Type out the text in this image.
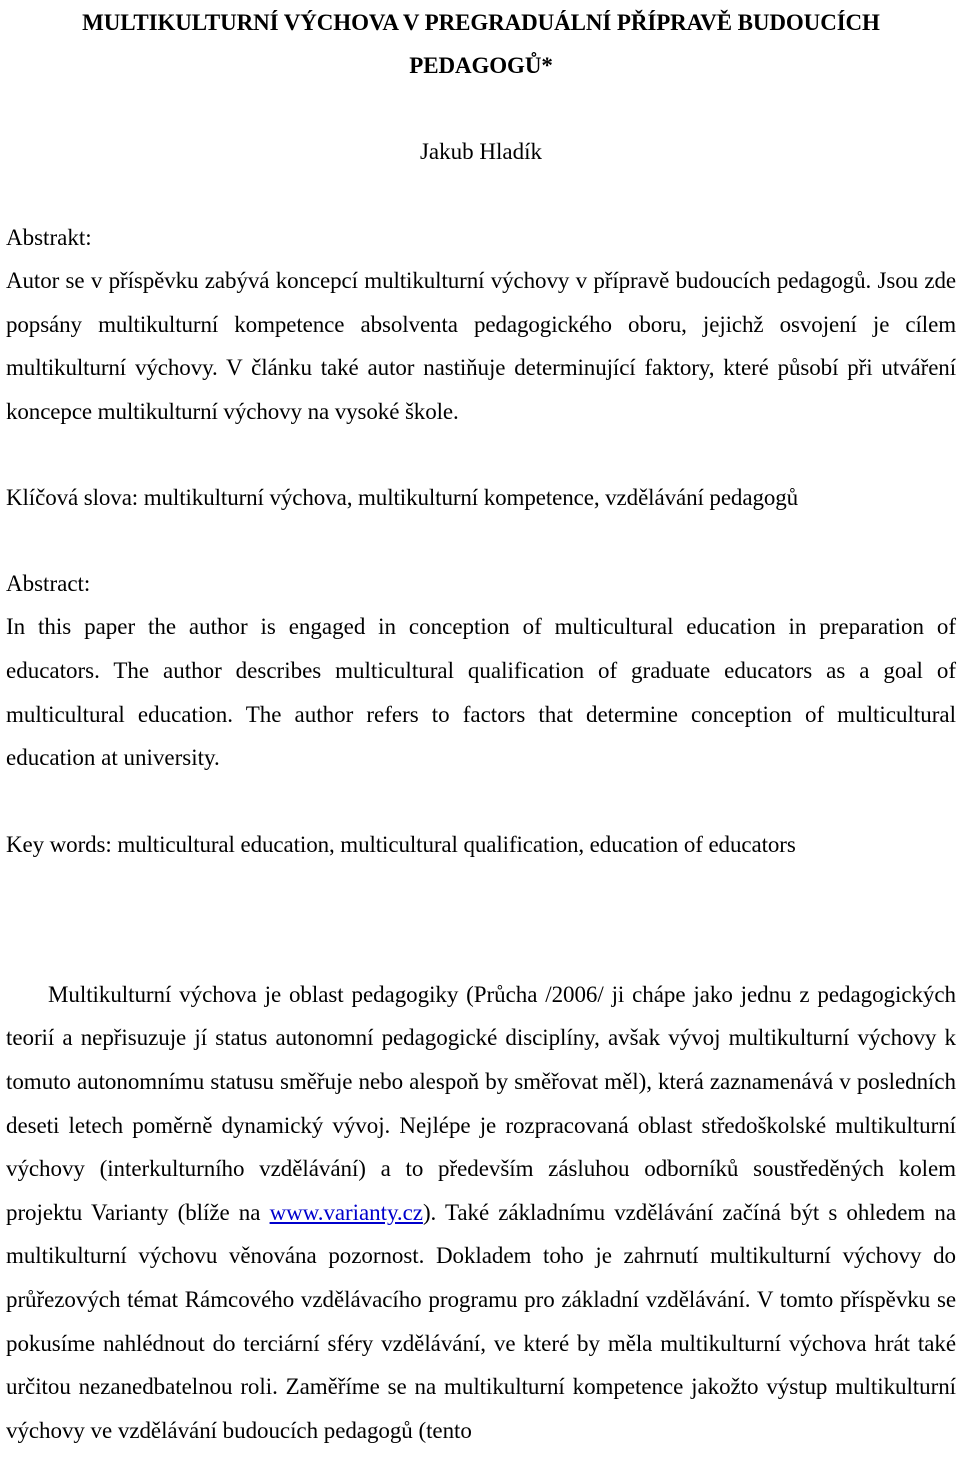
MULTIKULTURNÍ VÝCHOVA V PREGRADUÁLNÍ PŘÍPRAVĚ BUDOUCÍCH
PEDAGOGŮ*

Jakub Hladík

Abstrakt:

Autor se v příspěvku zabývá koncepcí multikulturní výchovy v přípravě budoucích pedagogů. Jsou zde popsány multikulturní kompetence absolventa pedagogického oboru, jejichž osvojení je cílem multikulturní výchovy. V článku také autor nastiňuje determinující faktory, které působí při utváření koncepce multikulturní výchovy na vysoké škole.

Klíčová slova: multikulturní výchova, multikulturní kompetence, vzdělávání pedagogů

Abstract:

In this paper the author is engaged in conception of multicultural education in preparation of educators. The author describes multicultural qualification of graduate educators as a goal of multicultural education. The author refers to factors that determine conception of multicultural education at university.

Key words: multicultural education, multicultural qualification, education of educators

Multikulturní výchova je oblast pedagogiky (Průcha /2006/ ji chápe jako jednu z pedagogických teorií a nepřisuzuje jí status autonomní pedagogické disciplíny, avšak vývoj multikulturní výchovy k tomuto autonomnímu statusu směřuje nebo alespoň by směřovat měl), která zaznamenává v posledních deseti letech poměrně dynamický vývoj. Nejlépe je rozpracovaná oblast středoškolské multikulturní výchovy (interkulturního vzdělávání) a to především zásluhou odborníků soustředěných kolem projektu Varianty (blíže na www.varianty.cz). Také základnímu vzdělávání začíná být s ohledem na multikulturní výchovu věnována pozornost. Dokladem toho je zahrnutí multikulturní výchovy do průřezových témat Rámcového vzdělávacího programu pro základní vzdělávání. V tomto příspěvku se pokusíme nahlédnout do terciární sféry vzdělávání, ve které by měla multikulturní výchova hrát také určitou nezanedbatelnou roli. Zaměříme se na multikulturní kompetence jakožto výstup multikulturní výchovy ve vzdělávání budoucích pedagogů (tento
